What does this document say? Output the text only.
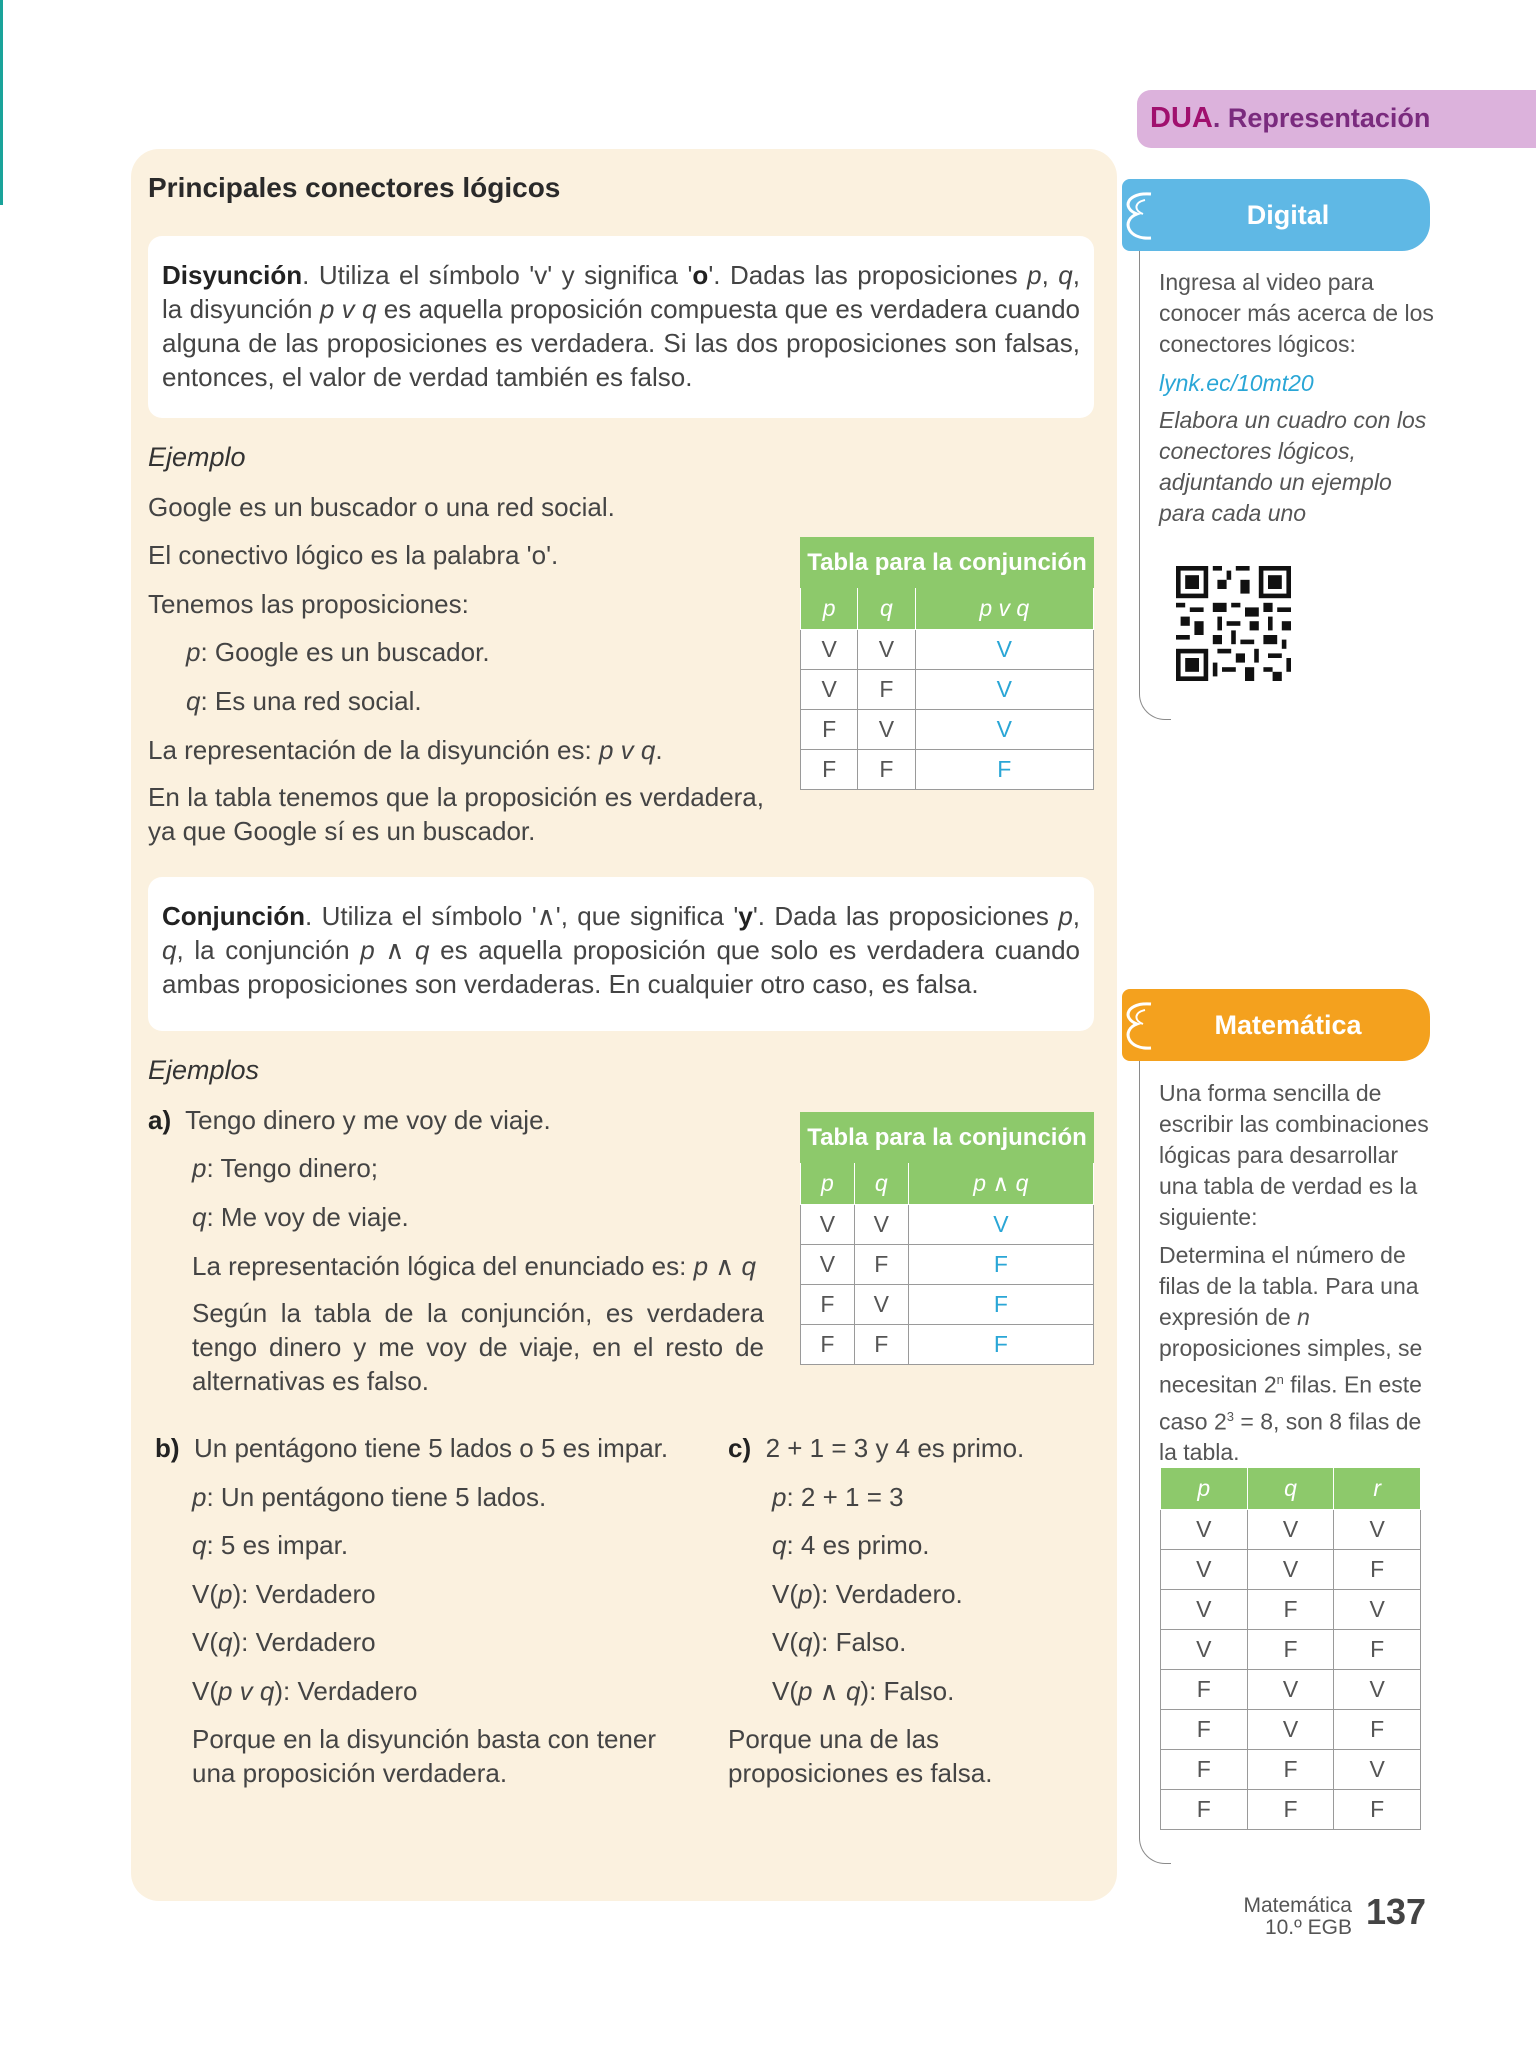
Principales conectores lógicos
Disyunción. Utiliza el símbolo 'v' y significa 'o'. Dadas las proposiciones p, q, la disyunción p v q es aquella proposición compuesta que es verdadera cuando alguna de las proposiciones es verdadera. Si las dos proposiciones son falsas, entonces, el valor de verdad también es falso.
Ejemplo
Google es un buscador o una red social.
El conectivo lógico es la palabra 'o'.
Tenemos las proposiciones:
p: Google es un buscador.
q: Es una red social.
La representación de la disyunción es: p v q.
En la tabla tenemos que la proposición es verdadera, ya que Google sí es un buscador.
Tabla para la conjunción		
p	q	p v q
V	V	V
V	F	V
F	V	V
F	F	F
Conjunción. Utiliza el símbolo '∧', que significa 'y'. Dada las proposiciones p, q, la conjunción p ∧ q es aquella proposición que solo es verdadera cuando ambas proposiciones son verdaderas. En cualquier otro caso, es falsa.
Ejemplos
a) Tengo dinero y me voy de viaje.
p: Tengo dinero;
q: Me voy de viaje.
La representación lógica del enunciado es: p ∧ q
Según la tabla de la conjunción, es verdadera tengo dinero y me voy de viaje, en el resto de alternativas es falso.
Tabla para la conjunción		
p	q	p ∧ q
V	V	V
V	F	F
F	V	F
F	F	F
b) Un pentágono tiene 5 lados o 5 es impar.
p: Un pentágono tiene 5 lados.
q: 5 es impar.
V(p): Verdadero
V(q): Verdadero
V(p v q): Verdadero
Porque en la disyunción basta con tener una proposición verdadera.
c) 2 + 1 = 3 y 4 es primo.
p: 2 + 1 = 3
q: 4 es primo.
V(p): Verdadero.
V(q): Falso.
V(p ∧ q): Falso.
Porque una de las proposiciones es falsa.
DUA. Representación
Digital
Ingresa al video para conocer más acerca de los conectores lógicos:
lynk.ec/10mt20
Elabora un cuadro con los conectores lógicos, adjuntando un ejemplo para cada uno
Matemática
Una forma sencilla de escribir las combinaciones lógicas para desarrollar una tabla de verdad es la siguiente:
Determina el número de filas de la tabla. Para una expresión de n proposiciones simples, se necesitan 2$^n$ filas. En este caso $2^3 = 8$, son 8 filas de la tabla.
p	q	r
V	V	V
V	V	F
V	F	V
V	F	F
F	V	V
F	V	F
F	F	V
F	F	F
Matemática
10.º EGB 137
